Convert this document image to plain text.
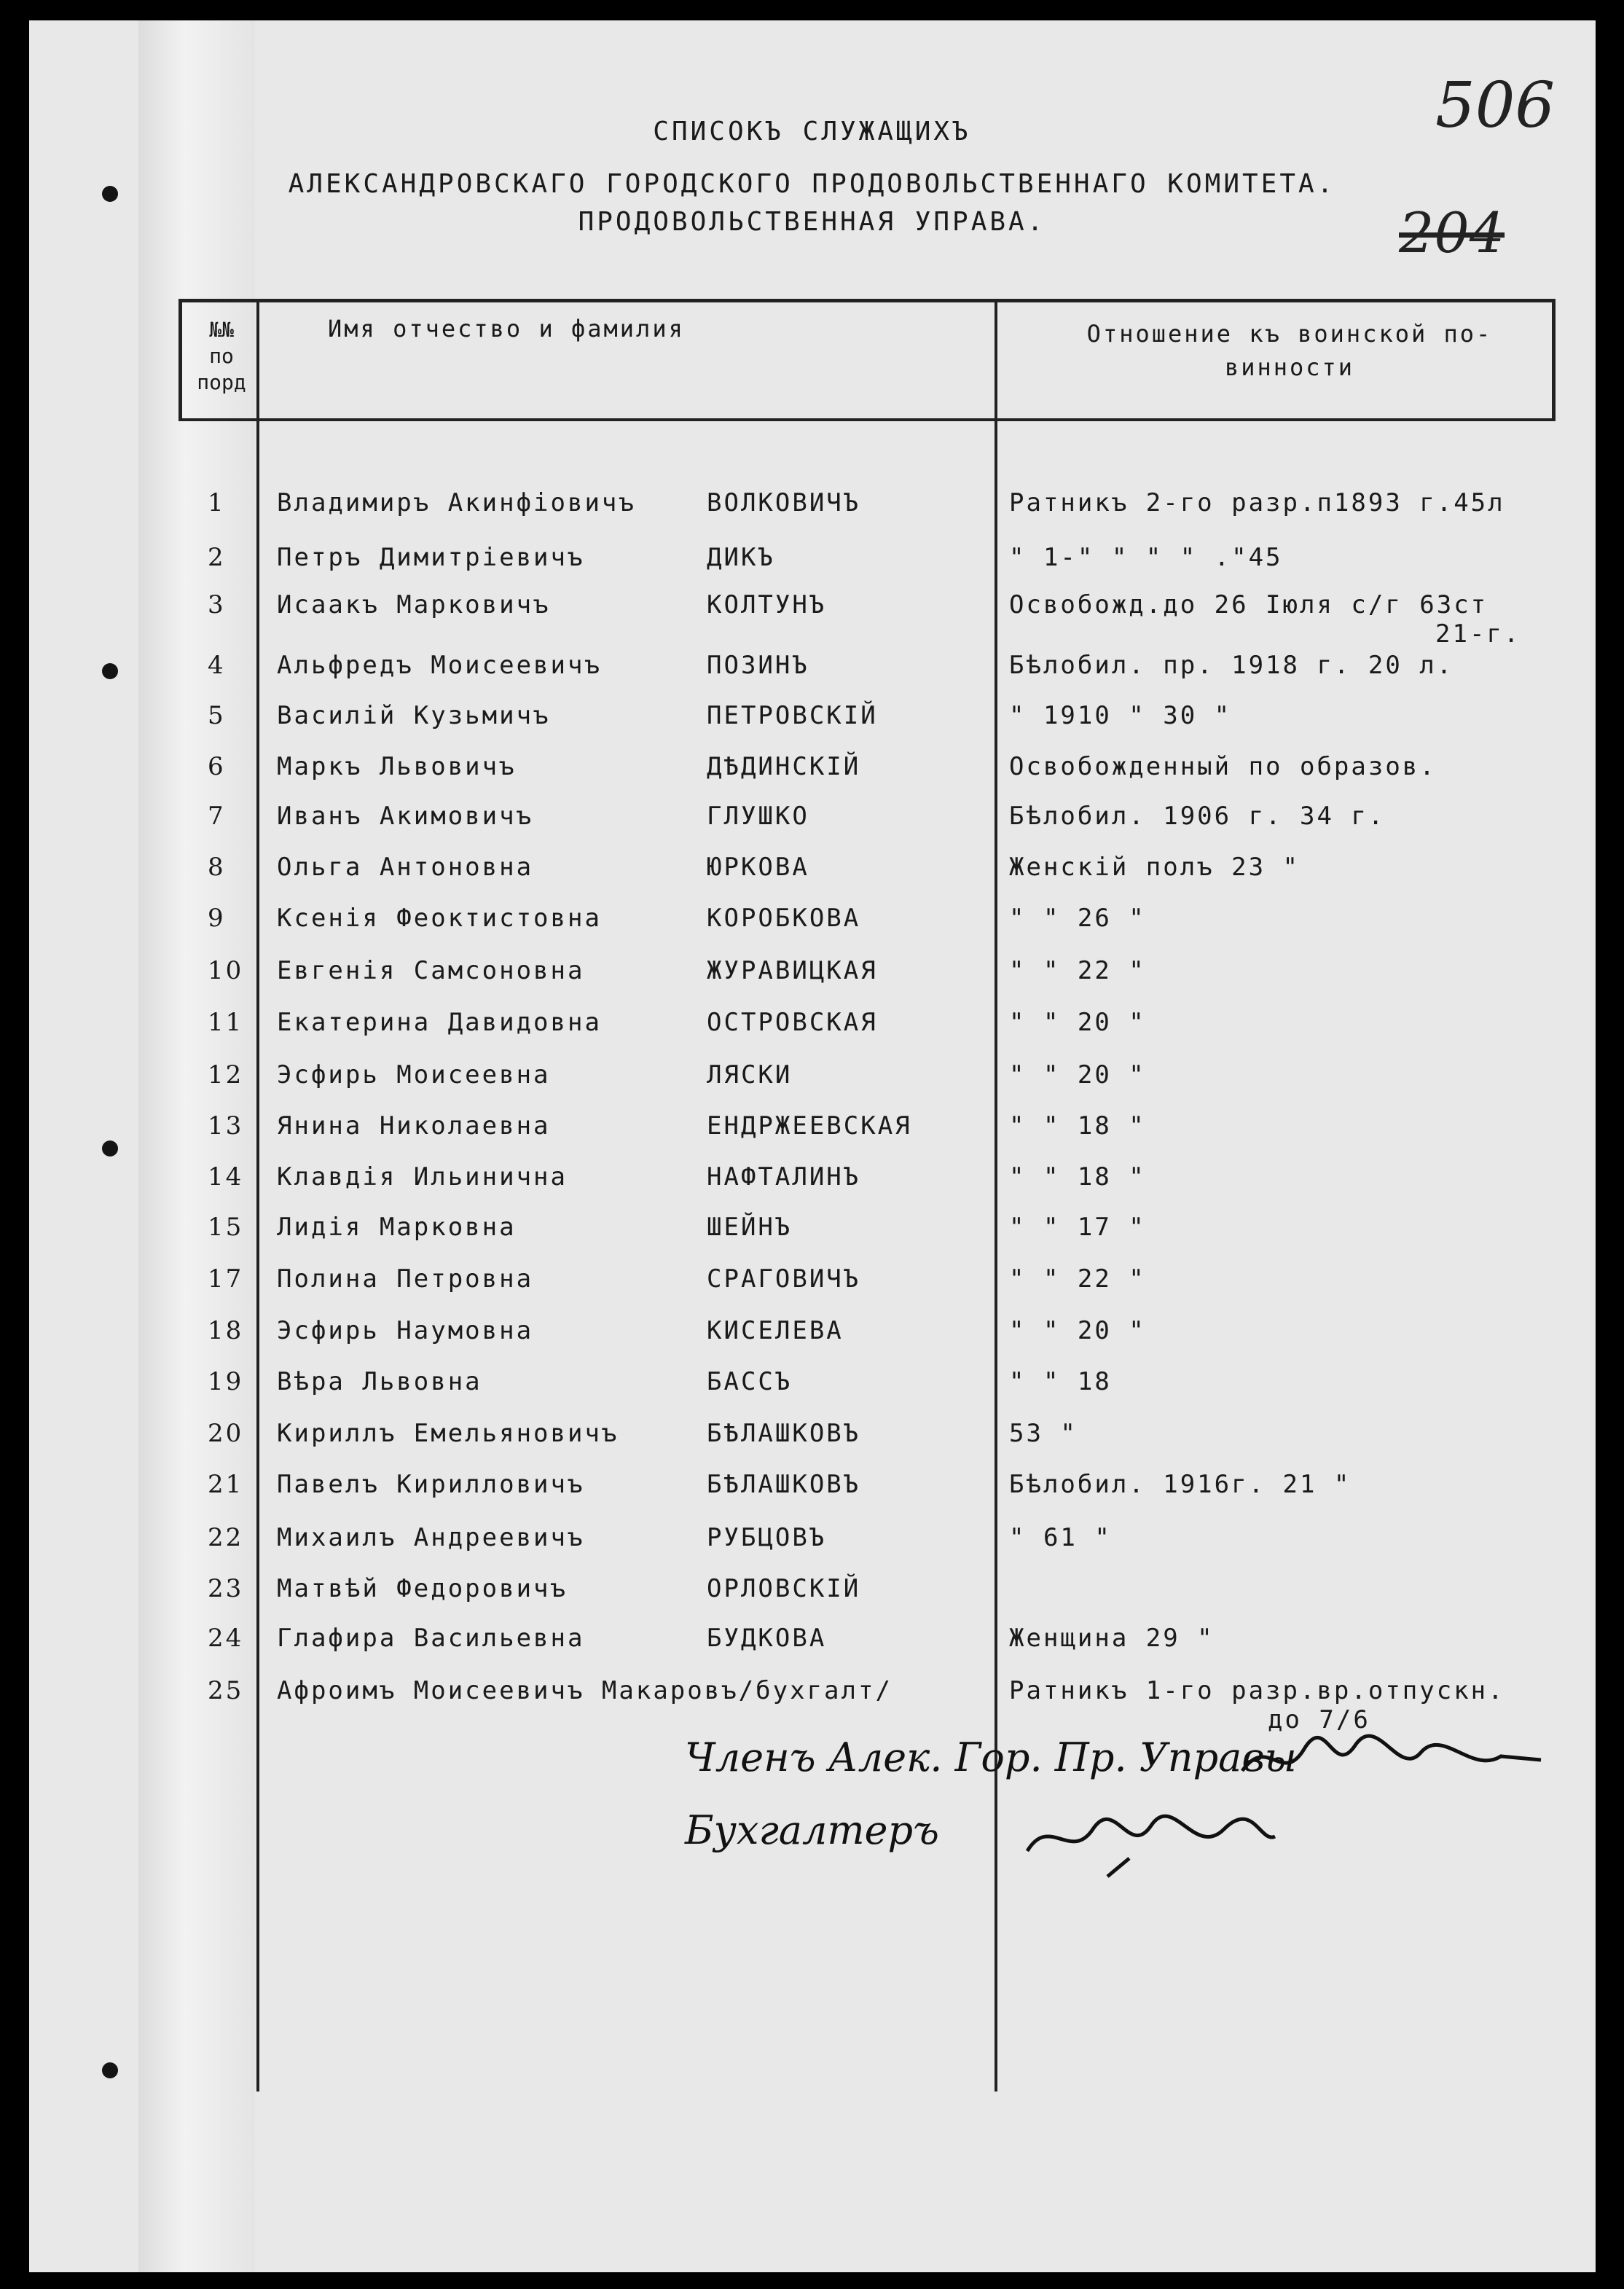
506
204
СПИСОКЪ СЛУЖАЩИХЪ
АЛЕКСАНДРОВСКАГО ГОРОДСКОГО ПРОДОВОЛЬСТВЕННАГО КОМИТЕТА.
ПРОДОВОЛЬСТВЕННАЯ УПРАВА.
№№
по
порд
Имя отчество и фамилия	Отношение къ воинской по-
винности
1 Владимиръ Акинфiовичъ	ВОЛКОВИЧЪ	Ратникъ 2-го разр.п1893 г.45л
2 Петръ Димитрiевичъ	ДИКЪ	" 1-" " " " ."45
3 Исаакъ Марковичъ	КОЛТУНЪ	Освобожд.до 26 Iюля с/г 63ст
21-г.
4 Альфредъ Моисеевичъ	ПОЗИНЪ	Бѣлобил. пр. 1918 г. 20 л.
5 Василiй Кузьмичъ	ПЕТРОВСКIЙ	" 1910 " 30 "
6 Маркъ Львовичъ	ДѢДИНСКIЙ	Освобожденный по образов.
7 Иванъ Акимовичъ	ГЛУШКО	Бѣлобил. 1906 г. 34 г.
8 Ольга Антоновна	ЮРКОВА	Женскiй полъ 23 "
9 Ксенiя Феоктистовна	КОРОБКОВА	" " 26 "
10 Евгенiя Самсоновна	ЖУРАВИЦКАЯ	" " 22 "
11 Екатерина Давидовна	ОСТРОВСКАЯ	" " 20 "
12 Эсфирь Моисеевна	ЛЯСКИ	" " 20 "
13 Янина Николаевна	ЕНДРЖЕЕВСКАЯ	" " 18 "
14 Клавдiя Ильинична	НАФТАЛИНЪ	" " 18 "
15 Лидiя Марковна	ШЕЙНЪ	" " 17 "
17 Полина Петровна	СРАГОВИЧЪ	" " 22 "
18 Эсфирь Наумовна	КИСЕЛЕВА	" " 20 "
19 Вѣра Львовна	БАССЪ	" " 18
20 Кириллъ Емельяновичъ	БѢЛАШКОВЪ	53 "
21 Павелъ Кирилловичъ	БѢЛАШКОВЪ	Бѣлобил. 1916г. 21 "
22 Михаилъ Андреевичъ	РУБЦОВЪ	" 61 "
23 Матвѣй Федоровичъ	ОРЛОВСКIЙ
24 Глафира Васильевна	БУДКОВА	Женщина 29 "
25 Афроимъ Моисеевичъ Макаровъ/бухгалт/	Ратникъ 1-го разр.вр.отпускн.
до 7/6
Членъ Алек. Гор. Пр. Управы
Бухгалтеръ
